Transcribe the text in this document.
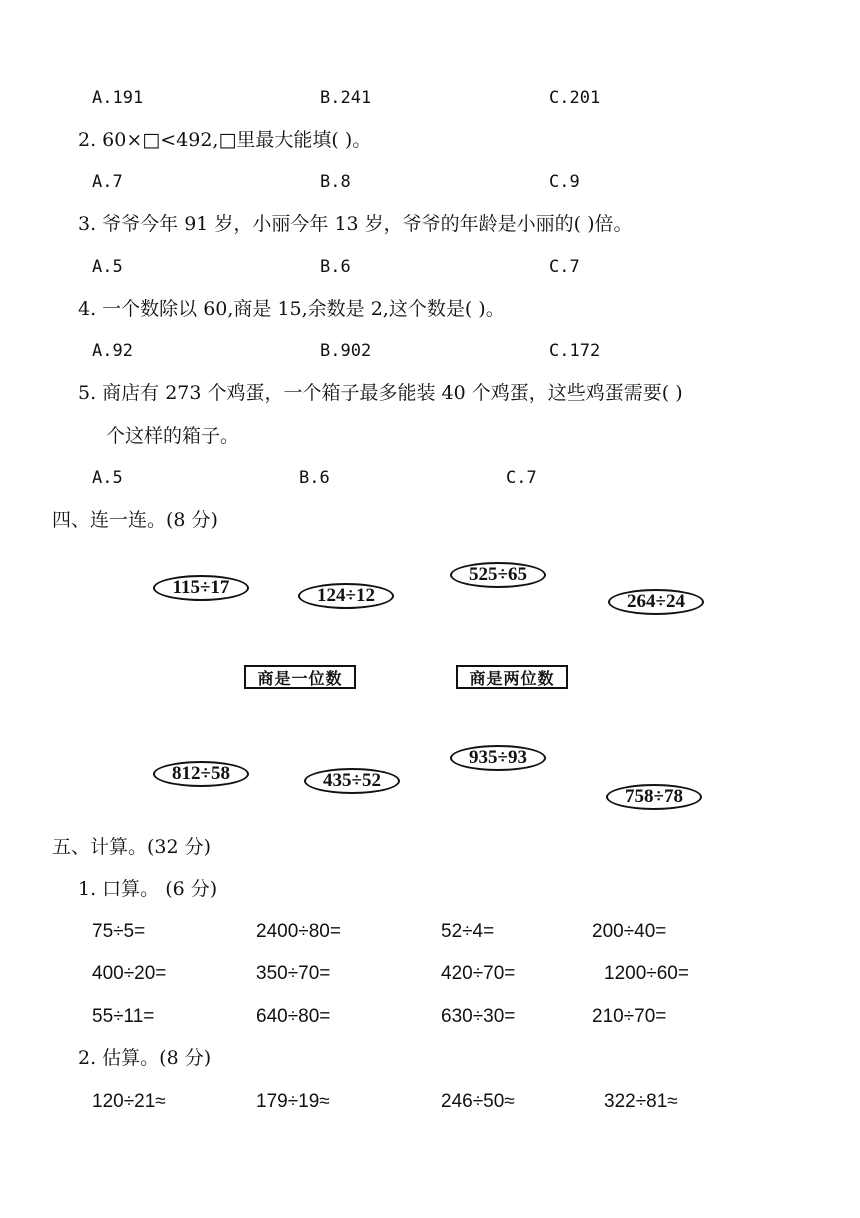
A.191	B.241	C.201
2. 60×□<492,□里最大能填( )。
A.7	B.8	C.9
3. 爷爷今年 91 岁，小丽今年 13 岁，爷爷的年龄是小丽的( )倍。
A.5	B.6	C.7
4. 一个数除以 60,商是 15,余数是 2,这个数是( )。
A.92	B.902	C.172
5. 商店有 273 个鸡蛋，一个箱子最多能装 40 个鸡蛋，这些鸡蛋需要( )
个这样的箱子。
A.5	B.6	C.7
四、连一连。(8 分)
115÷17	124÷12
525÷65
264÷24
商是一位数	商是两位数
812÷58	435÷52
935÷93
758÷78
五、计算。(32 分)
1. 口算。 (6 分)
75÷5=	2400÷80=	52÷4=	200÷40=
400÷20=	350÷70=	420÷70=	1200÷60=
55÷11=	640÷80=	630÷30=	210÷70=
2. 估算。(8 分)
120÷21≈	179÷19≈	246÷50≈	322÷81≈
